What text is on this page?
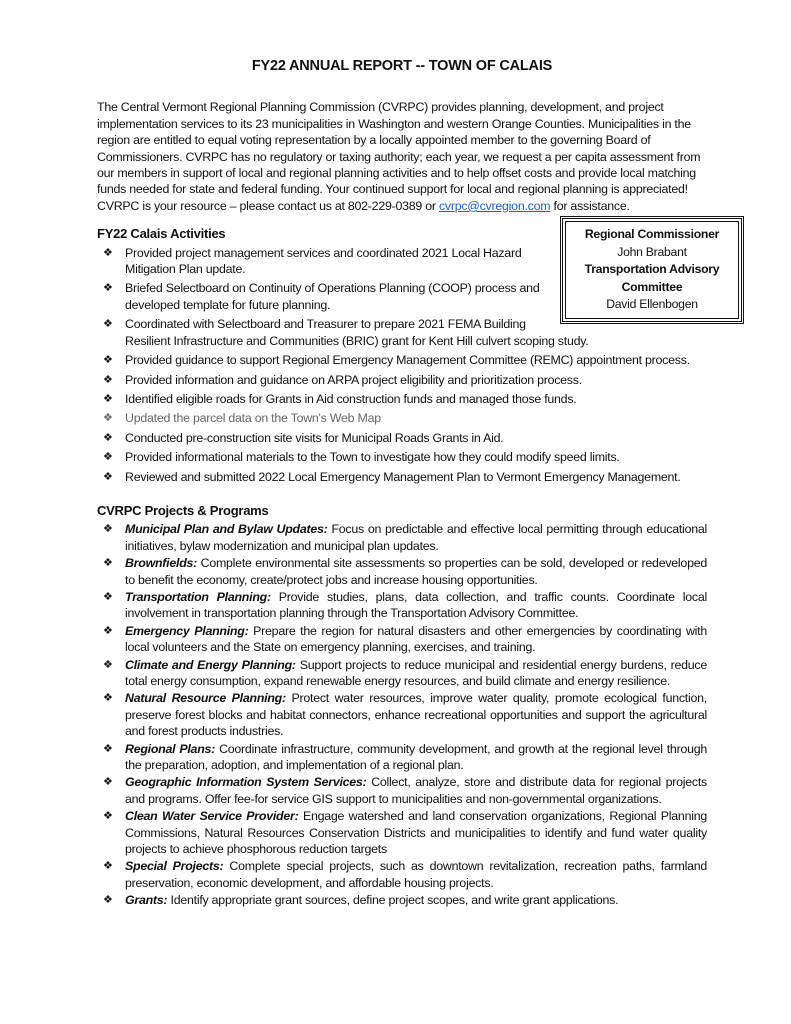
FY22 ANNUAL REPORT -- TOWN OF CALAIS

The Central Vermont Regional Planning Commission (CVRPC) provides planning, development, and project implementation services to its 23 municipalities in Washington and western Orange Counties. Municipalities in the region are entitled to equal voting representation by a locally appointed member to the governing Board of Commissioners. CVRPC has no regulatory or taxing authority; each year, we request a per capita assessment from our members in support of local and regional planning activities and to help offset costs and provide local matching funds needed for state and federal funding. Your continued support for local and regional planning is appreciated! CVRPC is your resource – please contact us at 802-229-0389 or cvrpc@cvregion.com for assistance.

Regional Commissioner
John Brabant
Transportation Advisory Committee
David Ellenbogen
FY22 Calais Activities
❖ Provided project management services and coordinated 2021 Local Hazard Mitigation Plan update.
❖ Briefed Selectboard on Continuity of Operations Planning (COOP) process and developed template for future planning.
❖ Coordinated with Selectboard and Treasurer to prepare 2021 FEMA Building Resilient Infrastructure and Communities (BRIC) grant for Kent Hill culvert scoping study.
❖ Provided guidance to support Regional Emergency Management Committee (REMC) appointment process.
❖ Provided information and guidance on ARPA project eligibility and prioritization process.
❖ Identified eligible roads for Grants in Aid construction funds and managed those funds.
❖ Updated the parcel data on the Town's Web Map
❖ Conducted pre-construction site visits for Municipal Roads Grants in Aid.
❖ Provided informational materials to the Town to investigate how they could modify speed limits.
❖ Reviewed and submitted 2022 Local Emergency Management Plan to Vermont Emergency Management.
CVRPC Projects & Programs
❖ Municipal Plan and Bylaw Updates: Focus on predictable and effective local permitting through educational initiatives, bylaw modernization and municipal plan updates.
❖ Brownfields: Complete environmental site assessments so properties can be sold, developed or redeveloped to benefit the economy, create/protect jobs and increase housing opportunities.
❖ Transportation Planning: Provide studies, plans, data collection, and traffic counts. Coordinate local involvement in transportation planning through the Transportation Advisory Committee.
❖ Emergency Planning: Prepare the region for natural disasters and other emergencies by coordinating with local volunteers and the State on emergency planning, exercises, and training.
❖ Climate and Energy Planning: Support projects to reduce municipal and residential energy burdens, reduce total energy consumption, expand renewable energy resources, and build climate and energy resilience.
❖ Natural Resource Planning: Protect water resources, improve water quality, promote ecological function, preserve forest blocks and habitat connectors, enhance recreational opportunities and support the agricultural and forest products industries.
❖ Regional Plans: Coordinate infrastructure, community development, and growth at the regional level through the preparation, adoption, and implementation of a regional plan.
❖ Geographic Information System Services: Collect, analyze, store and distribute data for regional projects and programs. Offer fee-for service GIS support to municipalities and non-governmental organizations.
❖ Clean Water Service Provider: Engage watershed and land conservation organizations, Regional Planning Commissions, Natural Resources Conservation Districts and municipalities to identify and fund water quality projects to achieve phosphorous reduction targets
❖ Special Projects: Complete special projects, such as downtown revitalization, recreation paths, farmland preservation, economic development, and affordable housing projects.
❖ Grants: Identify appropriate grant sources, define project scopes, and write grant applications.
